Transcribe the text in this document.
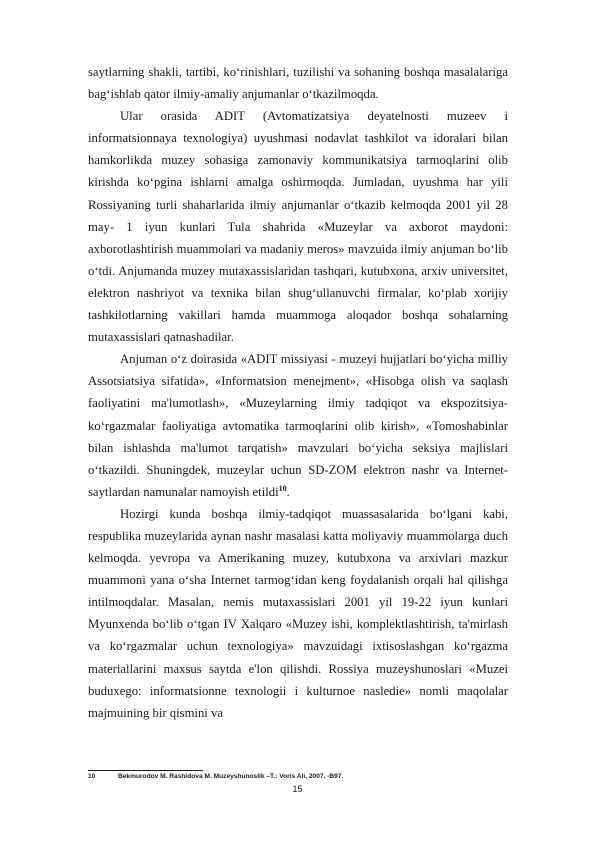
saytlarning shakli, tartibi, ko‘rinishlari, tuzilishi va sohaning boshqa masalalariga bag‘ishlab qator ilmiy-amaliy anjumanlar o‘tkazilmoqda.

Ular orasida ADIT (Avtomatizatsiya deyatelnosti muzeev i informatsionnaya texnologiya) uyushmasi nodavlat tashkilot va idoralari bilan hamkorlikda muzey sohasiga zamonaviy kommunikatsiya tarmoqlarini olib kirishda ko‘pgina ishlarni amalga oshirmoqda. Jumladan, uyushma har yili Rossiyaning turli shaharlarida ilmiy anjumanlar o‘tkazib kelmoqda 2001 yil 28 may- 1 iyun kunlari Tula shahrida «Muzeylar va axborot maydoni: axborotlashtirish muammolari va madaniy meros» mavzuida ilmiy anjuman bo‘lib o‘tdi. Anjumanda muzey mutaxassislaridan tashqari, kutubxona, arxiv universitet, elektron nashriyot va texnika bilan shug‘ullanuvchi firmalar, ko‘plab xorijiy tashkilotlarning vakillari hamda muammoga aloqador boshqa sohalarning mutaxassislari qatnashadilar.

Anjuman o‘z doirasida «ADIT missiyasi - muzeyi hujjatlari bo‘yicha milliy Assotsiatsiya sifatida», «Informatsion menejment», «Hisobga olish va saqlash faoliyatini ma'lumotlash», «Muzeylarning ilmiy tadqiqot va ekspozitsiya-ko‘rgazmalar faoliyatiga avtomatika tarmoqlarini olib kirish», «Tomoshabinlar bilan ishlashda ma'lumot tarqatish» mavzulari bo‘yicha seksiya majlislari o‘tkazildi. Shuningdek, muzeylar uchun SD-ZOM elektron nashr va Internet-saytlardan namunalar namoyish etildi$^{10}$.

Hozirgi kunda boshqa ilmiy-tadqiqot muassasalarida bo‘lgani kabi, respublika muzeylarida aynan nashr masalasi katta moliyaviy muammolarga duch kelmoqda. yevropa va Amerikaning muzey, kutubxona va arxivlari mazkur muammoni yana o‘sha Internet tarmog‘idan keng foydalanish orqali hal qilishga intilmoqdalar. Masalan, nemis mutaxassislari 2001 yil 19-22 iyun kunlari Myunxenda bo‘lib o‘tgan IV Xalqaro «Muzey ishi, komplektlashtirish, ta'mirlash va ko‘rgazmalar uchun texnologiya» mavzuidagi ixtisoslashgan ko‘rgazma materiallarini maxsus saytda e'lon qilishdi. Rossiya muzeyshunoslari «Muzei buduxego: informatsionne texnologii i kulturnoe nasledie» nomli maqolalar majmuining bir qismini va

10	Bekmurodov M. Rashidova M. Muzeyshunoslik –T.: Voris Ali, 2007. -B97.
15
